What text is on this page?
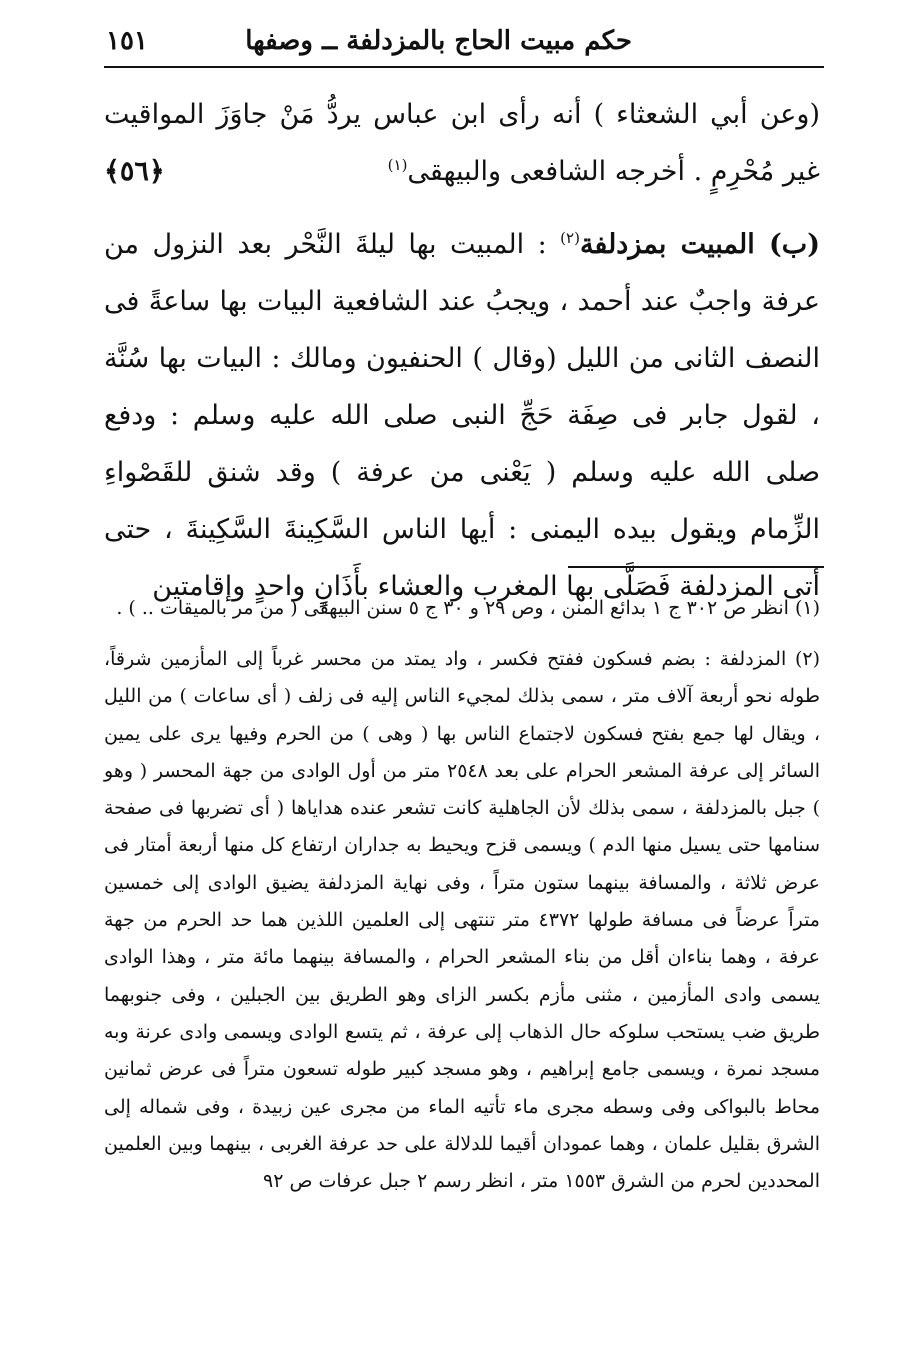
حكم مبيت الحاج بالمزدلفة ــ وصفها
١٥١

(وعن أبي الشعثاء ) أنه رأى ابن عباس يردُّ مَنْ جاوَزَ المواقيت غير مُحْرِمٍ . أخرجه الشافعى والبيهقى$^{(١)}$
﴿٥٦﴾

(ب) المبيت بمزدلفة$^{(٢)}$ : المبيت بها ليلةَ النَّحْر بعد النزول من عرفة واجبٌ عند أحمد ، ويجبُ عند الشافعية البيات بها ساعةً فى النصف الثانى من الليل (وقال ) الحنفيون ومالك : البيات بها سُنَّة ، لقول جابر فى صِفَة حَجِّ النبى صلى الله عليه وسلم : ودفع صلى الله عليه وسلم ( يَعْنى من عرفة ) وقد شنق للقَصْواءِ الزِّمام ويقول بيده اليمنى : أيها الناس السَّكِينةَ السَّكِينةَ ، حتى أتى المزدلفة فَصَلَّى بها المغرب والعشاء بأَذَانٍ واحدٍ وإقامتين

(١) انظر ص ٣٠٢ ج ١ بدائع المنن ، وص ٢٩ و ٣٠ ج ٥ سنن البيهقى ( من مر بالميقات .. ) .

(٢) المزدلفة : بضم فسكون ففتح فكسر ، واد يمتد من محسر غرباً إلى المأزمين شرقاً، طوله نحو أربعة آلاف متر ، سمى بذلك لمجيء الناس إليه فى زلف ( أى ساعات ) من الليل ، ويقال لها جمع بفتح فسكون لاجتماع الناس بها ( وهى ) من الحرم وفيها يرى على يمين السائر إلى عرفة المشعر الحرام على بعد ٢٥٤٨ متر من أول الوادى من جهة المحسر ( وهو ) جبل بالمزدلفة ، سمى بذلك لأن الجاهلية كانت تشعر عنده هداياها ( أى تضربها فى صفحة سنامها حتى يسيل منها الدم ) ويسمى قزح ويحيط به جداران ارتفاع كل منها أربعة أمتار فى عرض ثلاثة ، والمسافة بينهما ستون متراً ، وفى نهاية المزدلفة يضيق الوادى إلى خمسين متراً عرضاً فى مسافة طولها ٤٣٧٢ متر تنتهى إلى العلمين اللذين هما حد الحرم من جهة عرفة ، وهما بناءان أقل من بناء المشعر الحرام ، والمسافة بينهما مائة متر ، وهذا الوادى يسمى وادى المأزمين ، مثنى مأزم بكسر الزاى وهو الطريق بين الجبلين ، وفى جنوبهما طريق ضب يستحب سلوكه حال الذهاب إلى عرفة ، ثم يتسع الوادى ويسمى وادى عرنة وبه مسجد نمرة ، ويسمى جامع إبراهيم ، وهو مسجد كبير طوله تسعون متراً فى عرض ثمانين محاط بالبواكى وفى وسطه مجرى ماء تأتيه الماء من مجرى عين زبيدة ، وفى شماله إلى الشرق بقليل علمان ، وهما عمودان أقيما للدلالة على حد عرفة الغربى ، بينهما وبين العلمين المحددين لحرم من الشرق ١٥٥٣ متر ، انظر رسم ٢ جبل عرفات ص ٩٢
